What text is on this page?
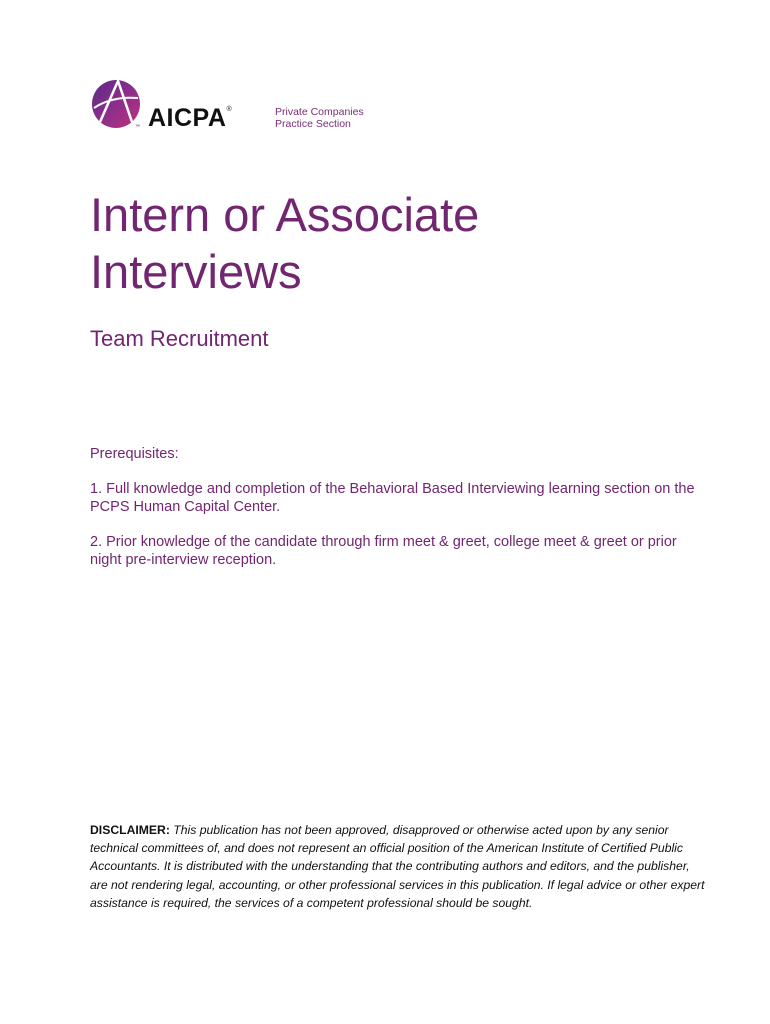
™ AICPA®	Private Companies
Practice Section
Intern or Associate
Interviews
Team Recruitment

Prerequisites:

1. Full knowledge and completion of the Behavioral Based Interviewing learning section on the PCPS Human Capital Center.

2. Prior knowledge of the candidate through firm meet & greet, college meet & greet or prior night pre-interview reception.

DISCLAIMER: This publication has not been approved, disapproved or otherwise acted upon by any senior technical committees of, and does not represent an official position of the American Institute of Certified Public Accountants. It is distributed with the understanding that the contributing authors and editors, and the publisher, are not rendering legal, accounting, or other professional services in this publication. If legal advice or other expert assistance is required, the services of a competent professional should be sought.
